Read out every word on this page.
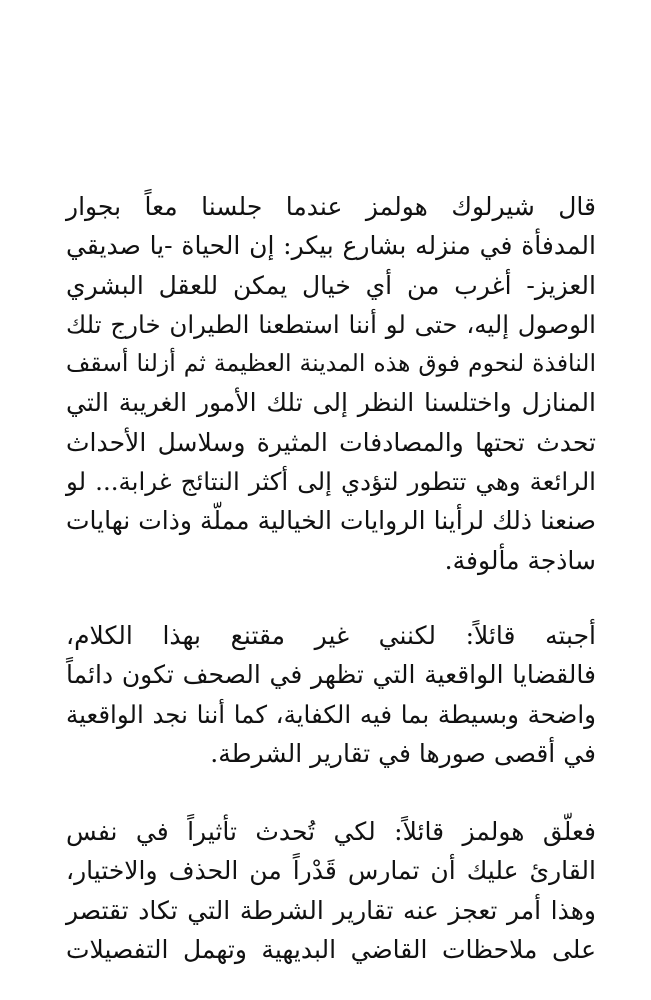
قال شيرلوك هولمز عندما جلسنا معاً بجوار
المدفأة في منزله بشارع بيكر: إن الحياة -يا صديقي
العزيز- أغرب من أي خيال يمكن للعقل البشري
الوصول إليه، حتى لو أننا استطعنا الطيران خارج تلك
النافذة لنحوم فوق هذه المدينة العظيمة ثم أزلنا أسقف
المنازل واختلسنا النظر إلى تلك الأمور الغريبة التي
تحدث تحتها والمصادفات المثيرة وسلاسل الأحداث
الرائعة وهي تتطور لتؤدي إلى أكثر النتائج غرابة... لو
صنعنا ذلك لرأينا الروايات الخيالية مملّة وذات نهايات
ساذجة مألوفة.
أجبته قائلاً: لكنني غير مقتنع بهذا الكلام،
فالقضايا الواقعية التي تظهر في الصحف تكون دائماً
واضحة وبسيطة بما فيه الكفاية، كما أننا نجد الواقعية
في أقصى صورها في تقارير الشرطة.
فعلّق هولمز قائلاً: لكي تُحدث تأثيراً في نفس
القارئ عليك أن تمارس قَدْراً من الحذف والاختيار،
وهذا أمر تعجز عنه تقارير الشرطة التي تكاد تقتصر
على ملاحظات القاضي البديهية وتهمل التفصيلات
